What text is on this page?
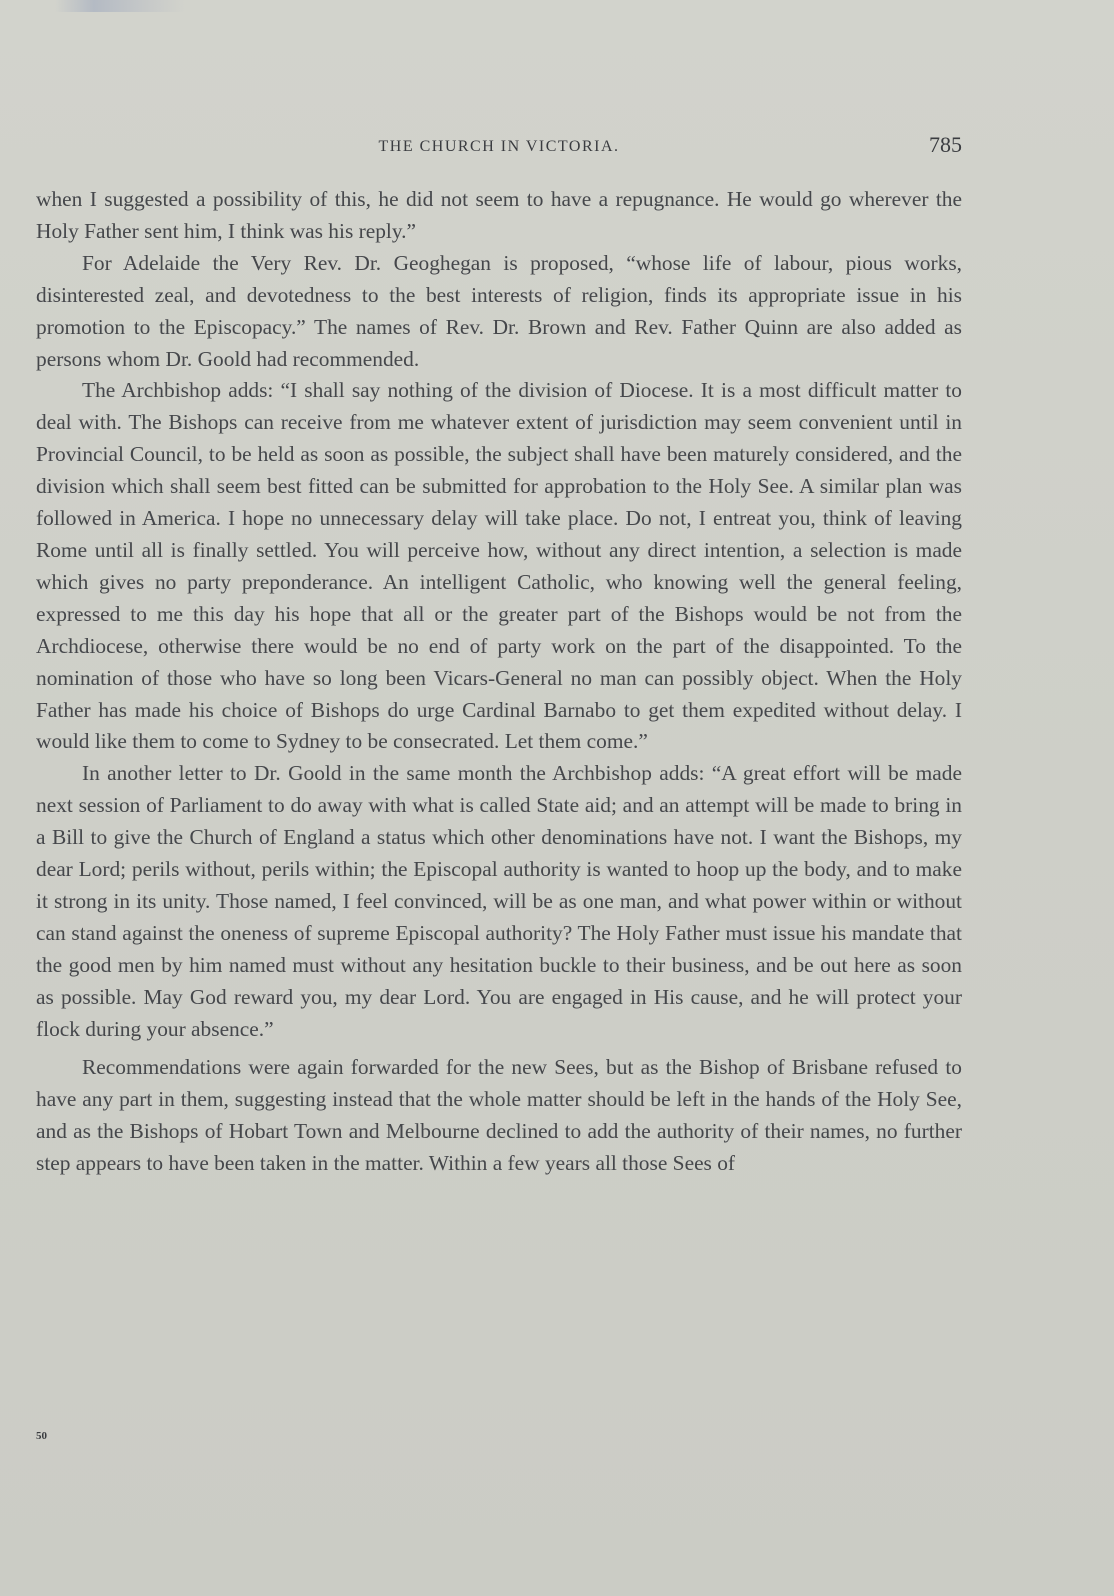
THE CHURCH IN VICTORIA.	785

when I suggested a possibility of this, he did not seem to have a repugnance. He would go wherever the Holy Father sent him, I think was his reply.”

For Adelaide the Very Rev. Dr. Geoghegan is proposed, “whose life of labour, pious works, disinterested zeal, and devotedness to the best interests of religion, finds its appropriate issue in his promotion to the Episcopacy.” The names of Rev. Dr. Brown and Rev. Father Quinn are also added as persons whom Dr. Goold had recommended.

The Archbishop adds: “I shall say nothing of the division of Diocese. It is a most difficult matter to deal with. The Bishops can receive from me whatever extent of jurisdiction may seem convenient until in Provincial Council, to be held as soon as possible, the subject shall have been maturely considered, and the division which shall seem best fitted can be submitted for approbation to the Holy See. A similar plan was followed in America. I hope no unnecessary delay will take place. Do not, I entreat you, think of leaving Rome until all is finally settled. You will perceive how, without any direct intention, a selection is made which gives no party preponderance. An intelligent Catholic, who knowing well the general feeling, expressed to me this day his hope that all or the greater part of the Bishops would be not from the Archdiocese, otherwise there would be no end of party work on the part of the disappointed. To the nomination of those who have so long been Vicars-General no man can possibly object. When the Holy Father has made his choice of Bishops do urge Cardinal Barnabo to get them expedited without delay. I would like them to come to Sydney to be consecrated. Let them come.”

In another letter to Dr. Goold in the same month the Archbishop adds: “A great effort will be made next session of Parliament to do away with what is called State aid; and an attempt will be made to bring in a Bill to give the Church of England a status which other denominations have not. I want the Bishops, my dear Lord; perils without, perils within; the Episcopal authority is wanted to hoop up the body, and to make it strong in its unity. Those named, I feel convinced, will be as one man, and what power within or without can stand against the oneness of supreme Episcopal authority? The Holy Father must issue his mandate that the good men by him named must without any hesitation buckle to their business, and be out here as soon as possible. May God reward you, my dear Lord. You are engaged in His cause, and he will protect your flock during your absence.”

Recommendations were again forwarded for the new Sees, but as the Bishop of Brisbane refused to have any part in them, suggesting instead that the whole matter should be left in the hands of the Holy See, and as the Bishops of Hobart Town and Melbourne declined to add the authority of their names, no further step appears to have been taken in the matter. Within a few years all those Sees of

50
